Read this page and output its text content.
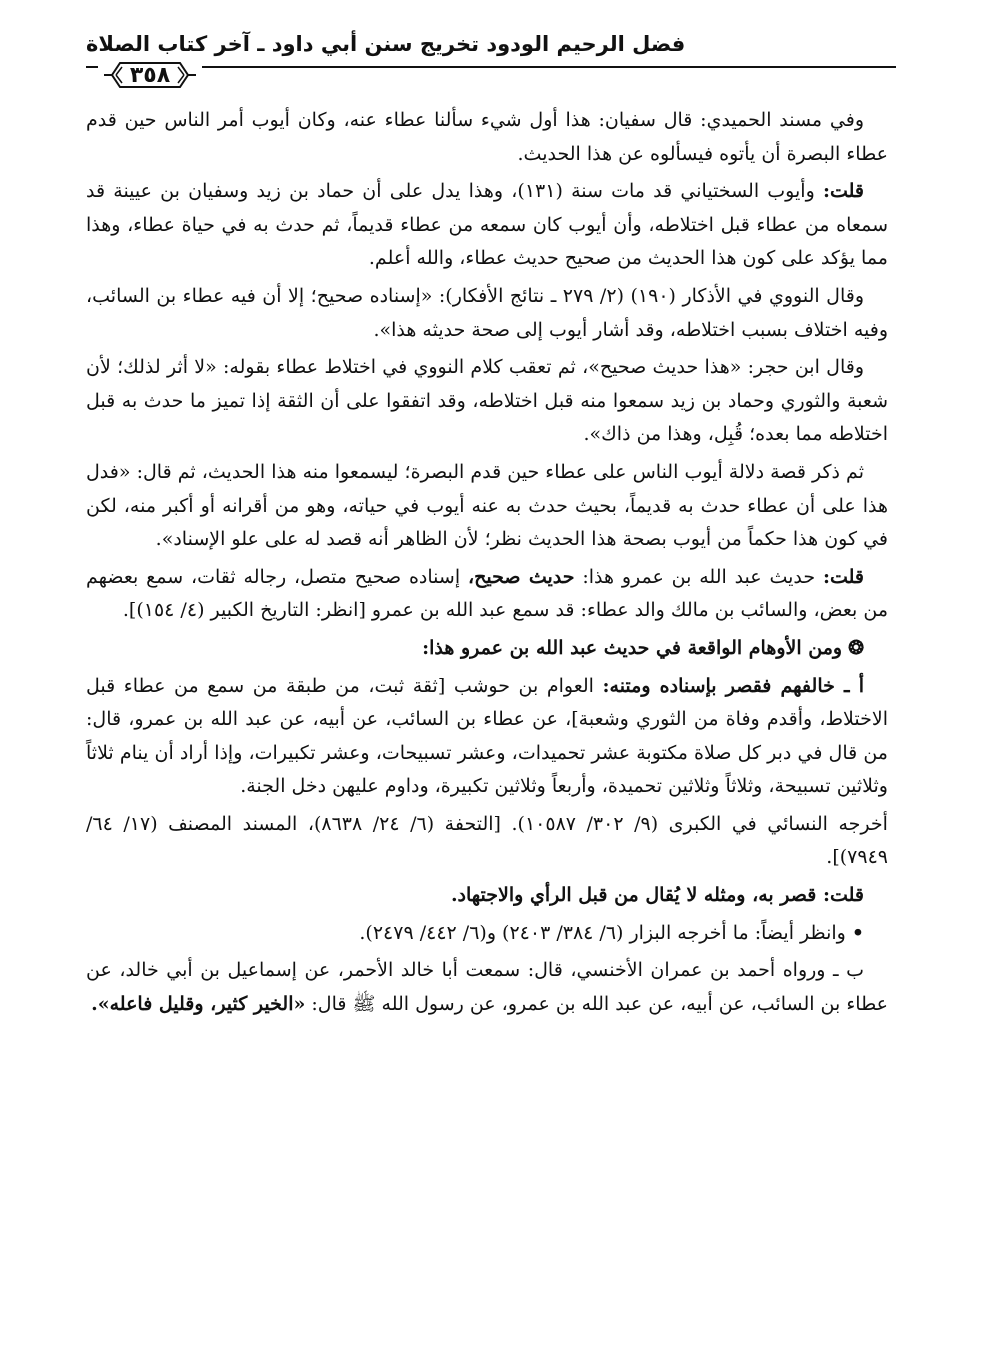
فضل الرحيم الودود تخريج سنن أبي داود ـ آخر كتاب الصلاة
٣٥٨

وفي مسند الحميدي: قال سفيان: هذا أول شيء سألنا عطاء عنه، وكان أيوب أمر الناس حين قدم عطاء البصرة أن يأتوه فيسألوه عن هذا الحديث.

قلت: وأيوب السختياني قد مات سنة (١٣١)، وهذا يدل على أن حماد بن زيد وسفيان بن عيينة قد سمعاه من عطاء قبل اختلاطه، وأن أيوب كان سمعه من عطاء قديماً، ثم حدث به في حياة عطاء، وهذا مما يؤكد على كون هذا الحديث من صحيح حديث عطاء، والله أعلم.

وقال النووي في الأذكار (١٩٠) (٢/ ٢٧٩ ـ نتائج الأفكار): «إسناده صحيح؛ إلا أن فيه عطاء بن السائب، وفيه اختلاف بسبب اختلاطه، وقد أشار أيوب إلى صحة حديثه هذا».

وقال ابن حجر: «هذا حديث صحيح»، ثم تعقب كلام النووي في اختلاط عطاء بقوله: «لا أثر لذلك؛ لأن شعبة والثوري وحماد بن زيد سمعوا منه قبل اختلاطه، وقد اتفقوا على أن الثقة إذا تميز ما حدث به قبل اختلاطه مما بعده؛ قُبِل، وهذا من ذاك».

ثم ذكر قصة دلالة أيوب الناس على عطاء حين قدم البصرة؛ ليسمعوا منه هذا الحديث، ثم قال: «فدل هذا على أن عطاء حدث به قديماً، بحيث حدث به عنه أيوب في حياته، وهو من أقرانه أو أكبر منه، لكن في كون هذا حكماً من أيوب بصحة هذا الحديث نظر؛ لأن الظاهر أنه قصد له على علو الإسناد».

قلت: حديث عبد الله بن عمرو هذا: حديث صحيح، إسناده صحيح متصل، رجاله ثقات، سمع بعضهم من بعض، والسائب بن مالك والد عطاء: قد سمع عبد الله بن عمرو [انظر: التاريخ الكبير (٤/ ١٥٤)].

❂ومن الأوهام الواقعة في حديث عبد الله بن عمرو هذا:

أ ـ خالفهم فقصر بإسناده ومتنه: العوام بن حوشب [ثقة ثبت، من طبقة من سمع من عطاء قبل الاختلاط، وأقدم وفاة من الثوري وشعبة]، عن عطاء بن السائب، عن أبيه، عن عبد الله بن عمرو، قال: من قال في دبر كل صلاة مكتوبة عشر تحميدات، وعشر تسبيحات، وعشر تكبيرات، وإذا أراد أن ينام ثلاثاً وثلاثين تسبيحة، وثلاثاً وثلاثين تحميدة، وأربعاً وثلاثين تكبيرة، وداوم عليهن دخل الجنة.

أخرجه النسائي في الكبرى (٩/ ٣٠٢/ ١٠٥٨٧). [التحفة (٦/ ٢٤/ ٨٦٣٨)، المسند المصنف (١٧/ ٦٤/ ٧٩٤٩)].

قلت: قصر به، ومثله لا يُقال من قبل الرأي والاجتهاد.

•وانظر أيضاً: ما أخرجه البزار (٦/ ٣٨٤/ ٢٤٠٣) و(٦/ ٤٤٢/ ٢٤٧٩).

ب ـ ورواه أحمد بن عمران الأخنسي، قال: سمعت أبا خالد الأحمر، عن إسماعيل بن أبي خالد، عن عطاء بن السائب، عن أبيه، عن عبد الله بن عمرو، عن رسول الله ﷺ قال: «الخير كثير، وقليل فاعله».
